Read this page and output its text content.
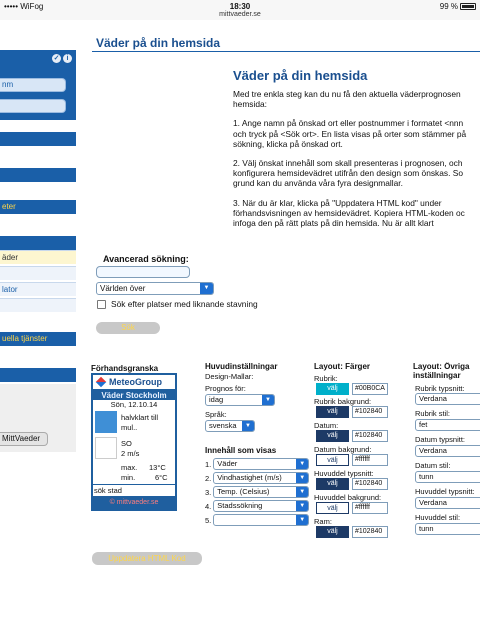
••••• WiFog	18:30
mittvaeder.se
99 %
✓	i
nm
eter
äder
lator
uella tjänster
MittVaeder
Väder på din hemsida
Väder på din hemsida

Med tre enkla steg kan du nu få den aktuella väderprognosen
hemsida:

1. Ange namn på önskad ort eller postnummer i formatet <nnn
och tryck på <Sök ort>. En lista visas på orter som stämmer på
sökning, klicka på önskad ort.

2. Välj önskat innehåll som skall presenteras i prognosen, och
konfigurera hemsidevädret utifrån den design som önskas. So
grund kan du använda våra fyra designmallar.

3. När du är klar, klicka på "Uppdatera HTML kod" under
förhandsvisningen av hemsidevädret. Kopiera HTML-koden oc
infoga den på rätt plats på din hemsida. Nu är allt klart

Avancerad sökning:
Världen över	▼
Sök efter platser med liknande stavning
Sök
Förhandsgranska
MeteoGroup
Väder Stockholm
Sön, 12.10.14
halvklart till
mul..
SO
2 m/s
max. 13°C
min.	6°C
sök stad
© mittvaeder.se
Huvudinställningar
Design-Mallar:
Prognos för:
idag	▼
Språk:
svenska	▼
Innehåll som visas
1. Väder	▼
2. Vindhastighet (m/s)	▼
3. Temp. (Celsius)	▼
4. Stadssökning	▼
5.	▼
Layout: Färger
Rubrik:
välj	#00B0CA
Rubrik bakgrund:
välj	#102840
Datum:
välj	#102840
Datum bakgrund:
välj	#ffffff
Huvuddel typsnitt:
välj	#102840
Huvuddel bakgrund:
välj	#ffffff
Ram:
välj	#102840
Layout: Övriga
inställningar
Rubrik typsnitt:
Verdana
Rubrik stil:
fet
Datum typsnitt:
Verdana
Datum stil:
tunn
Huvuddel typsnitt:
Verdana
Huvuddel stil:
tunn
Uppdatera HTML Kod
